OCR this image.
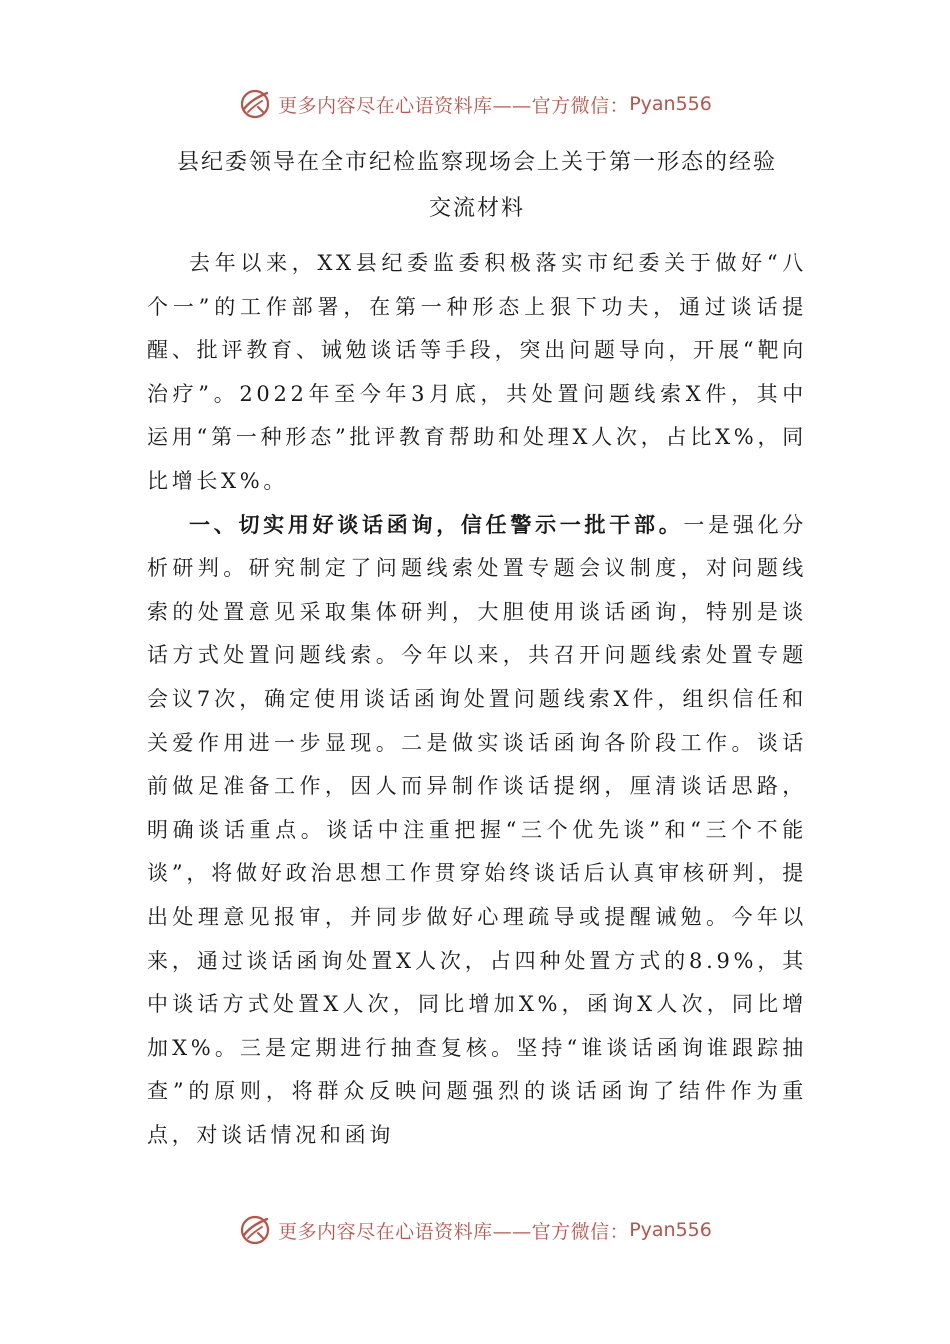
更多内容尽在心语资料库—— 官方微信： Pyan556
县纪委领导在全市纪检监察现场会上关于第一形态的经验
交流材料

去年以来，XX县纪委监委积极落实市纪委关于做好“八个一”的工作部署，在第一种形态上狠下功夫，通过谈话提醒、批评教育、诫勉谈话等手段，突出问题导向，开展“靶向治疗”。2022年至今年3月底，共处置问题线索X件，其中运用“第一种形态”批评教育帮助和处理X人次，占比X%，同比增长X%。

一、切实用好谈话函询，信任警示一批干部。一是强化分析研判。研究制定了问题线索处置专题会议制度，对问题线索的处置意见采取集体研判，大胆使用谈话函询，特别是谈话方式处置问题线索。今年以来，共召开问题线索处置专题会议7次，确定使用谈话函询处置问题线索X件，组织信任和关爱作用进一步显现。二是做实谈话函询各阶段工作。谈话前做足准备工作，因人而异制作谈话提纲，厘清谈话思路，明确谈话重点。谈话中注重把握“三个优先谈”和“三个不能谈”，将做好政治思想工作贯穿始终谈话后认真审核研判，提出处理意见报审，并同步做好心理疏导或提醒诫勉。今年以来，通过谈话函询处置X人次，占四种处置方式的8.9%，其中谈话方式处置X人次，同比增加X%，函询X人次，同比增加X%。三是定期进行抽查复核。坚持“谁谈话函询谁跟踪抽查”的原则，将群众反映问题强烈的谈话函询了结件作为重点，对谈话情况和函询

更多内容尽在心语资料库—— 官方微信： Pyan556
